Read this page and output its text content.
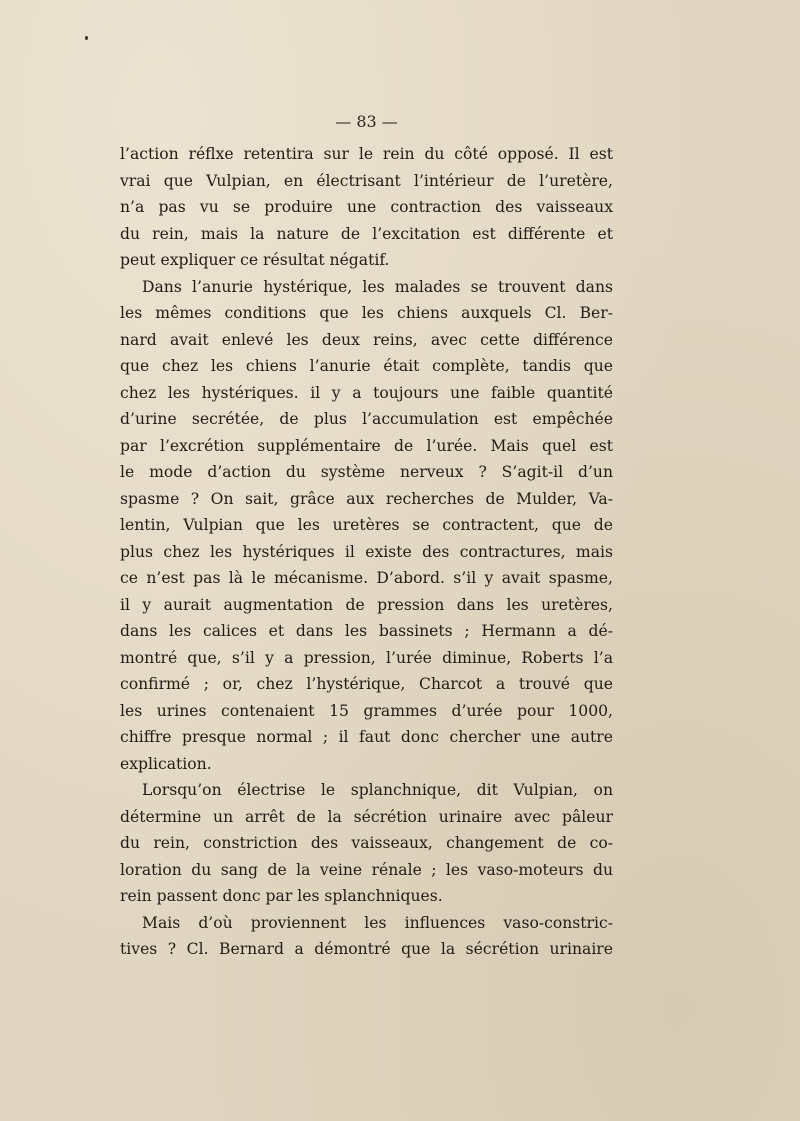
— 83 —
l’action réflxe retentira sur le rein du côté opposé. Il est
vrai que Vulpian, en électrisant l’intérieur de l’uretère,
n’a pas vu se produire une contraction des vaisseaux
du rein, mais la nature de l’excitation est différente et
peut expliquer ce résultat négatif.
Dans l’anurie hystérique, les malades se trouvent dans
les mêmes conditions que les chiens auxquels Cl. Ber-
nard avait enlevé les deux reins, avec cette différence
que chez les chiens l’anurie était complète, tandis que
chez les hystériques. il y a toujours une faible quantité
d’urine secrétée, de plus l’accumulation est empêchée
par l’excrétion supplémentaire de l’urée. Mais quel est
le mode d’action du système nerveux ? S’agit-il d’un
spasme ? On sait, grâce aux recherches de Mulder, Va-
lentin, Vulpian que les uretères se contractent, que de
plus chez les hystériques il existe des contractures, mais
ce n’est pas là le mécanisme. D’abord. s’il y avait spasme,
il y aurait augmentation de pression dans les uretères,
dans les calices et dans les bassinets ; Hermann a dé-
montré que, s’il y a pression, l’urée diminue, Roberts l’a
confirmé ; or, chez l’hystérique, Charcot a trouvé que
les urines contenaient 15 grammes d’urée pour 1000,
chiffre presque normal ; il faut donc chercher une autre
explication.
Lorsqu’on électrise le splanchnique, dit Vulpian, on
détermine un arrêt de la sécrétion urinaire avec pâleur
du rein, constriction des vaisseaux, changement de co-
loration du sang de la veine rénale ; les vaso-moteurs du
rein passent donc par les splanchniques.
Mais d’où proviennent les influences vaso-constric-
tives ? Cl. Bernard a démontré que la sécrétion urinaire
